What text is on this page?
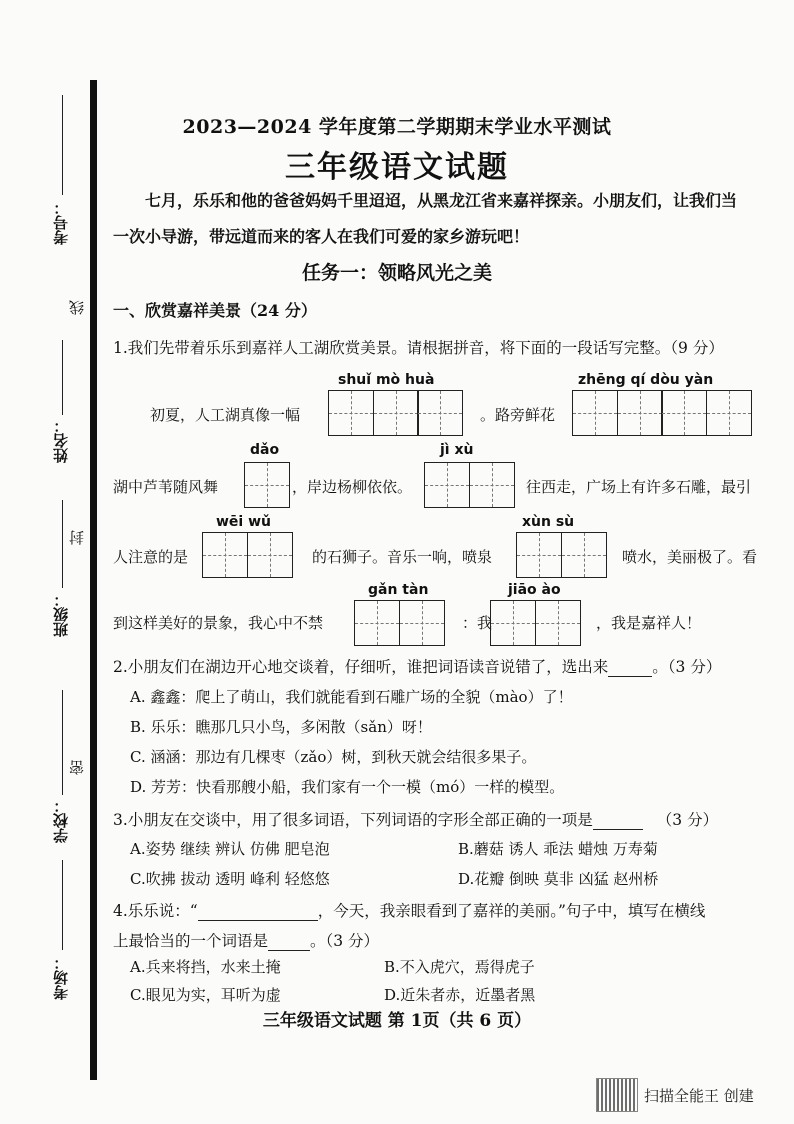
考号：
线
姓名：
封
班级：
密
学校：
考场：
2023—2024 学年度第二学期期末学业水平测试
三年级语文试题
七月，乐乐和他的爸爸妈妈千里迢迢，从黑龙江省来嘉祥探亲。小朋友们，让我们当
一次小导游，带远道而来的客人在我们可爱的家乡游玩吧！
任务一：领略风光之美
一、欣赏嘉祥美景（24 分）
1.我们先带着乐乐到嘉祥人工湖欣赏美景。请根据拼音，将下面的一段话写完整。（9 分）
shuǐ mò huà	zhēng qí dòu yàn
初夏，人工湖真像一幅	。路旁鲜花
dǎo	jì xù
湖中芦苇随风舞	，岸边杨柳依依。	往西走，广场上有许多石雕，最引
wēi wǔ	xùn sù
人注意的是	的石狮子。音乐一响，喷泉	喷水，美丽极了。看
gǎn tàn	jiāo ào
到这样美好的景象，我心中不禁	：我	，我是嘉祥人！
2.小朋友们在湖边开心地交谈着，仔细听，谁把词语读音说错了，选出来	。（3 分）
A. 鑫鑫：爬上了萌山，我们就能看到石雕广场的全貌（mào）了！
B. 乐乐：瞧那几只小鸟，多闲散（sǎn）呀！
C. 涵涵：那边有几棵枣（zǎo）树，到秋天就会结很多果子。
D. 芳芳：快看那艘小船，我们家有一个一模（mó）一样的模型。
3.小朋友在交谈中，用了很多词语，下列词语的字形全部正确的一项是	（3 分）
A.姿势 继续 辨认 仿佛 肥皂泡	B.蘑菇 诱人 乖法 蜡烛 万寿菊
C.吹拂 拔动 透明 峰利 轻悠悠	D.花瓣 倒映 莫非 凶猛 赵州桥
4.乐乐说：“	，今天，我亲眼看到了嘉祥的美丽。”句子中，填写在横线
上最恰当的一个词语是	。（3 分）
A.兵来将挡，水来土掩	B.不入虎穴，焉得虎子
C.眼见为实，耳听为虚	D.近朱者赤，近墨者黑
三年级语文试题 第 1页（共 6 页）
扫描全能王 创建
